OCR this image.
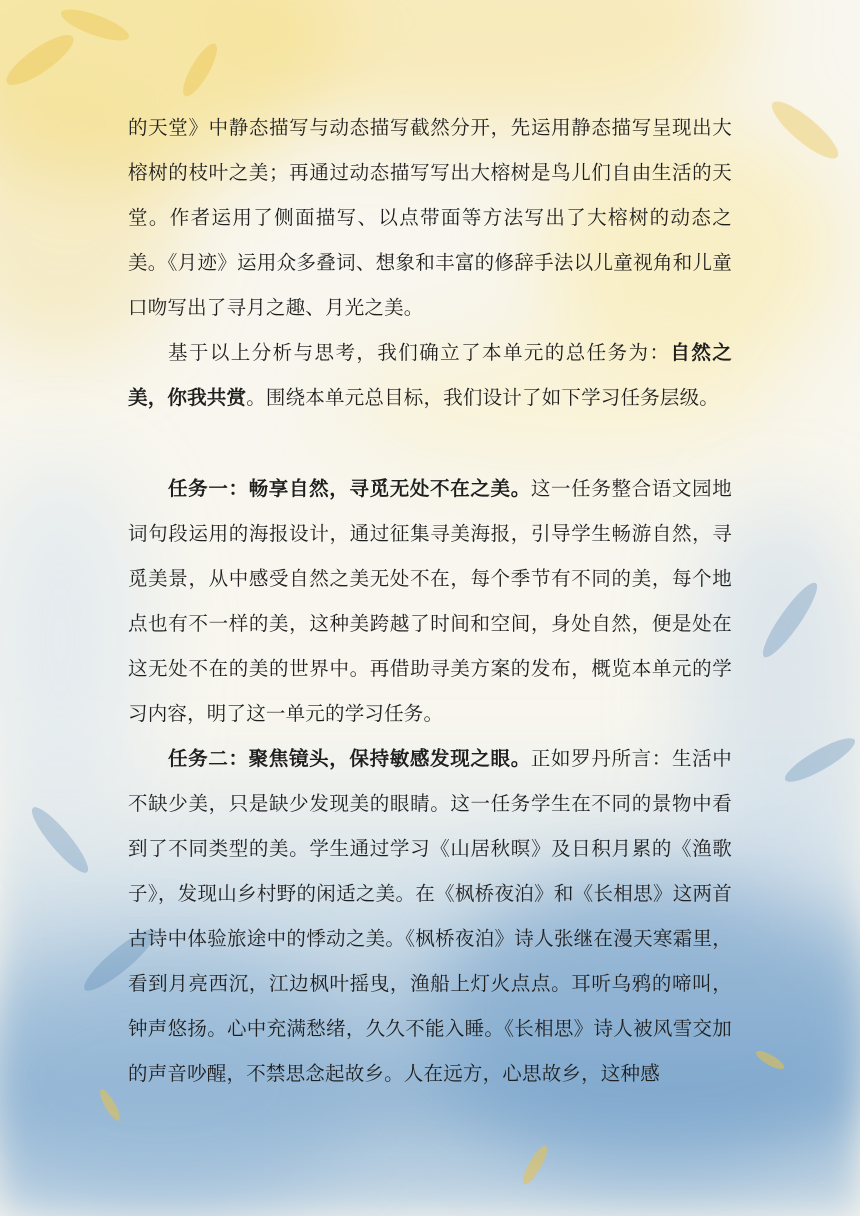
的天堂》中静态描写与动态描写截然分开，先运用静态描写呈现出大榕树的枝叶之美；再通过动态描写写出大榕树是鸟儿们自由生活的天堂。作者运用了侧面描写、以点带面等方法写出了大榕树的动态之美。《月迹》运用众多叠词、想象和丰富的修辞手法以儿童视角和儿童口吻写出了寻月之趣、月光之美。

基于以上分析与思考，我们确立了本单元的总任务为：自然之美，你我共赏。围绕本单元总目标，我们设计了如下学习任务层级。

任务一：畅享自然，寻觅无处不在之美。这一任务整合语文园地词句段运用的海报设计，通过征集寻美海报，引导学生畅游自然，寻觅美景，从中感受自然之美无处不在，每个季节有不同的美，每个地点也有不一样的美，这种美跨越了时间和空间，身处自然，便是处在这无处不在的美的世界中。再借助寻美方案的发布，概览本单元的学习内容，明了这一单元的学习任务。

任务二：聚焦镜头，保持敏感发现之眼。正如罗丹所言：生活中不缺少美，只是缺少发现美的眼睛。这一任务学生在不同的景物中看到了不同类型的美。学生通过学习《山居秋暝》及日积月累的《渔歌子》，发现山乡村野的闲适之美。在《枫桥夜泊》和《长相思》这两首古诗中体验旅途中的悸动之美。《枫桥夜泊》诗人张继在漫天寒霜里，看到月亮西沉，江边枫叶摇曳，渔船上灯火点点。耳听乌鸦的啼叫，钟声悠扬。心中充满愁绪，久久不能入睡。《长相思》诗人被风雪交加的声音吵醒，不禁思念起故乡。人在远方，心思故乡，这种感
